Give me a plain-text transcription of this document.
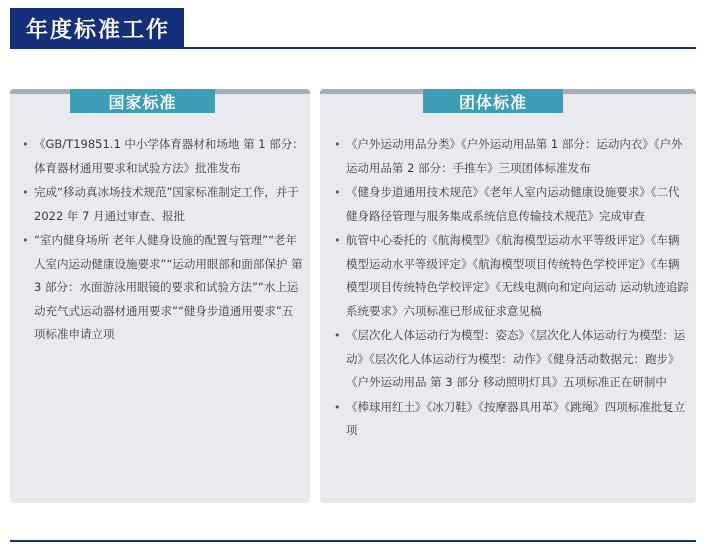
年度标准工作
国家标准
• 《GB/T19851.1 中小学体育器材和场地 第 1 部分：体育器材通用要求和试验方法》批准发布
• 完成“移动真冰场技术规范”国家标准制定工作，并于 2022 年 7 月通过审查、报批
• “室内健身场所 老年人健身设施的配置与管理”“老年人室内运动健康设施要求”“运动用眼部和面部保护 第 3 部分：水面游泳用眼镜的要求和试验方法”“水上运动充气式运动器材通用要求”“健身步道通用要求”五项标准申请立项
团体标准
• 《户外运动用品分类》《户外运动用品第 1 部分：运动内衣》《户外运动用品第 2 部分：手推车》三项团体标准发布
• 《健身步道通用技术规范》《老年人室内运动健康设施要求》《二代健身路径管理与服务集成系统信息传输技术规范》完成审查
• 航管中心委托的《航海模型》《航海模型运动水平等级评定》《车辆模型运动水平等级评定》《航海模型项目传统特色学校评定》《车辆模型项目传统特色学校评定》《无线电测向和定向运动 运动轨迹追踪系统要求》六项标准已形成征求意见稿
• 《层次化人体运动行为模型：姿态》《层次化人体运动行为模型：运动》《层次化人体运动行为模型：动作》《健身活动数据元：跑步》《户外运动用品 第 3 部分 移动照明灯具》五项标准正在研制中
• 《棒球用红土》《冰刀鞋》《按摩器具用革》《跳绳》四项标准批复立项
